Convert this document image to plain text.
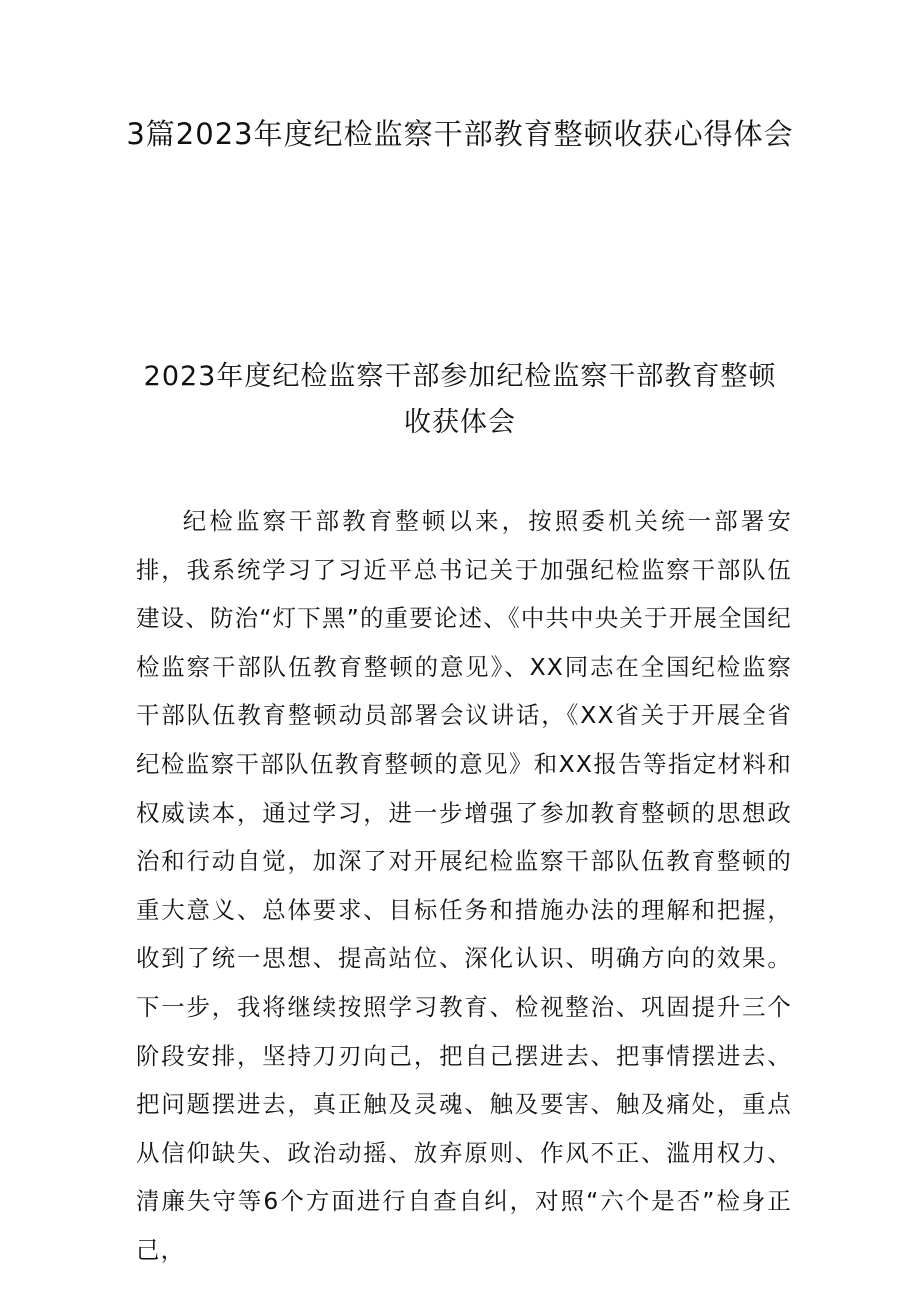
3篇2023年度纪检监察干部教育整顿收获心得体会
2023年度纪检监察干部参加纪检监察干部教育整顿收获体会

纪检监察干部教育整顿以来，按照委机关统一部署安排，我系统学习了习近平总书记关于加强纪检监察干部队伍建设、防治“灯下黑”的重要论述、《中共中央关于开展全国纪检监察干部队伍教育整顿的意见》、XX同志在全国纪检监察干部队伍教育整顿动员部署会议讲话，《XX省关于开展全省纪检监察干部队伍教育整顿的意见》和XX报告等指定材料和权威读本，通过学习，进一步增强了参加教育整顿的思想政治和行动自觉，加深了对开展纪检监察干部队伍教育整顿的重大意义、总体要求、目标任务和措施办法的理解和把握，收到了统一思想、提高站位、深化认识、明确方向的效果。下一步，我将继续按照学习教育、检视整治、巩固提升三个阶段安排，坚持刀刃向己，把自己摆进去、把事情摆进去、把问题摆进去，真正触及灵魂、触及要害、触及痛处，重点从信仰缺失、政治动摇、放弃原则、作风不正、滥用权力、清廉失守等6个方面进行自查自纠，对照“六个是否”检身正己，
